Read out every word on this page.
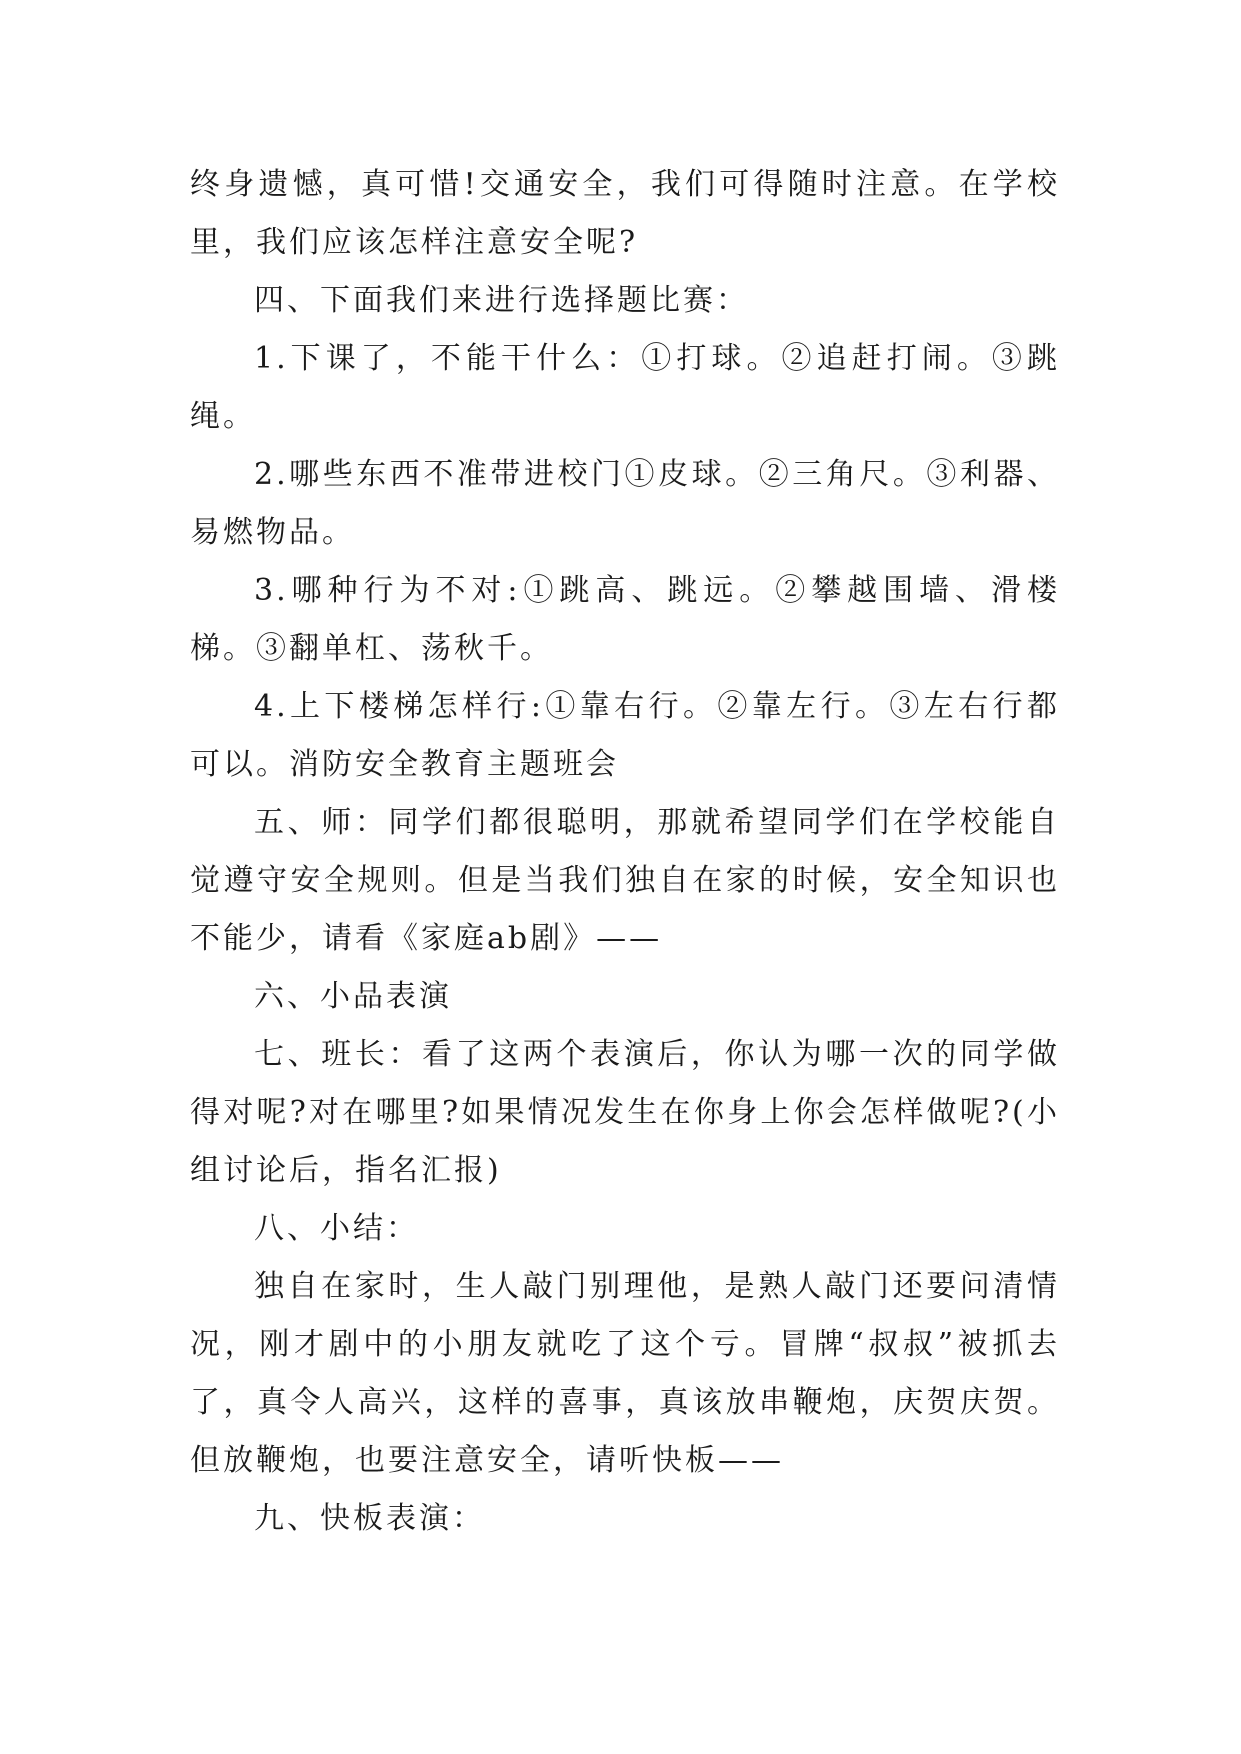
终身遗憾，真可惜!交通安全，我们可得随时注意。在学校里，我们应该怎样注意安全呢?

四、下面我们来进行选择题比赛：

1.下课了，不能干什么：①打球。②追赶打闹。③跳绳。

2.哪些东西不准带进校门①皮球。②三角尺。③利器、易燃物品。

3.哪种行为不对:①跳高、跳远。②攀越围墙、滑楼梯。③翻单杠、荡秋千。

4.上下楼梯怎样行:①靠右行。②靠左行。③左右行都可以。消防安全教育主题班会

五、师：同学们都很聪明，那就希望同学们在学校能自觉遵守安全规则。但是当我们独自在家的时候，安全知识也不能少，请看《家庭ab剧》——

六、小品表演

七、班长：看了这两个表演后，你认为哪一次的同学做得对呢?对在哪里?如果情况发生在你身上你会怎样做呢?(小组讨论后，指名汇报)

八、小结：

独自在家时，生人敲门别理他，是熟人敲门还要问清情况，刚才剧中的小朋友就吃了这个亏。冒牌“叔叔”被抓去了，真令人高兴，这样的喜事，真该放串鞭炮，庆贺庆贺。但放鞭炮，也要注意安全，请听快板——

九、快板表演：
